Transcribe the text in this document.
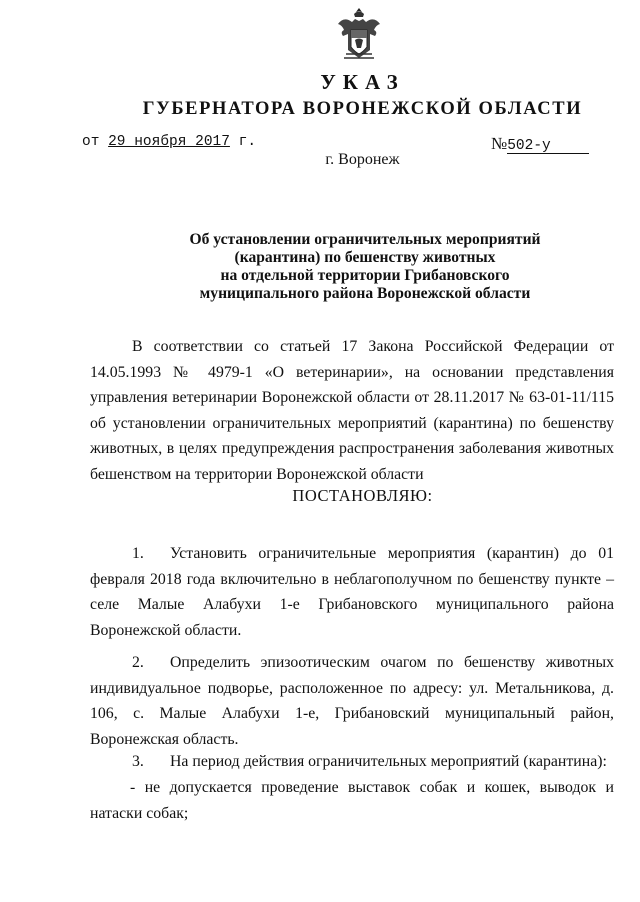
УКАЗ
ГУБЕРНАТОРА ВОРОНЕЖСКОЙ ОБЛАСТИ
от 29 ноября 2017 г.	№502-у
г. Воронеж
Об установлении ограничительных мероприятий
(карантина) по бешенству животных
на отдельной территории Грибановского
муниципального района Воронежской области
В соответствии со статьей 17 Закона Российской Федерации от 14.05.1993 № 4979-1 «О ветеринарии», на основании представления управления ветеринарии Воронежской области от 28.11.2017 № 63-01-11/115 об установлении ограничительных мероприятий (карантина) по бешенству животных, в целях предупреждения распространения заболевания животных бешенством на территории Воронежской области
ПОСТАНОВЛЯЮ:
1. Установить ограничительные мероприятия (карантин) до 01 февраля 2018 года включительно в неблагополучном по бешенству пункте – селе Малые Алабухи 1-е Грибановского муниципального района Воронежской области.
2. Определить эпизоотическим очагом по бешенству животных индивидуальное подворье, расположенное по адресу: ул. Метальникова, д. 106, с. Малые Алабухи 1-е, Грибановский муниципальный район, Воронежская область.
3. На период действия ограничительных мероприятий (карантина):
- не допускается проведение выставок собак и кошек, выводок и натаски собак;
